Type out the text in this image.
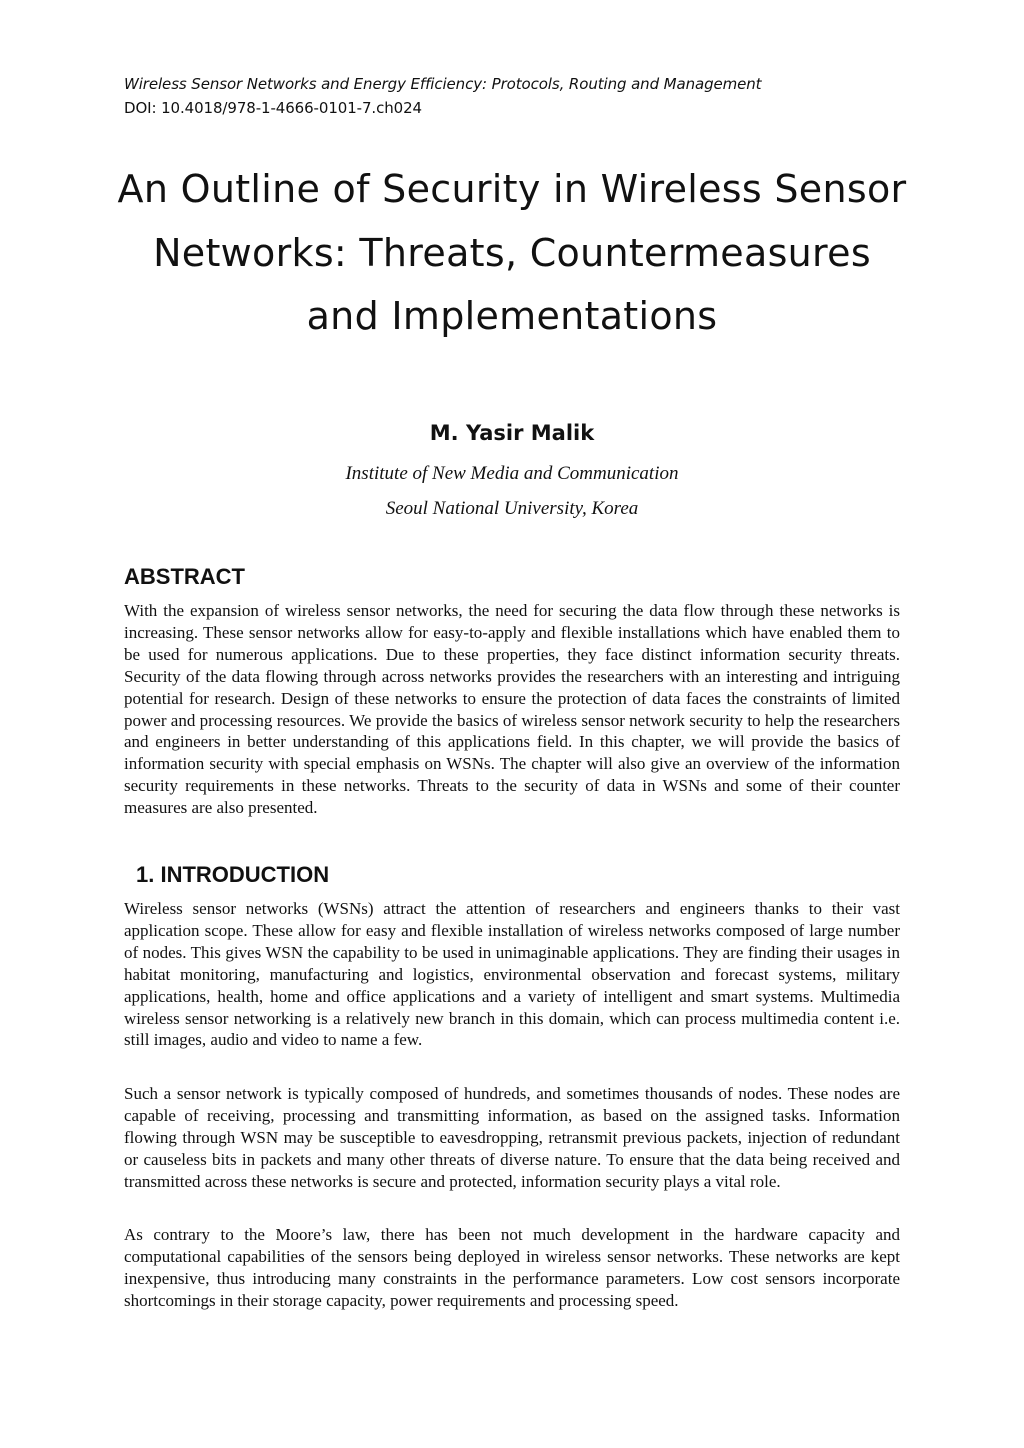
Wireless Sensor Networks and Energy Efficiency: Protocols, Routing and Management
DOI: 10.4018/978-1-4666-0101-7.ch024
An Outline of Security in Wireless Sensor Networks: Threats, Countermeasures and Implementations
M. Yasir Malik
Institute of New Media and Communication
Seoul National University, Korea
ABSTRACT

With the expansion of wireless sensor networks, the need for securing the data flow through these networks is increasing. These sensor networks allow for easy-to-apply and flexible installations which have enabled them to be used for numerous applications. Due to these properties, they face distinct information security threats. Security of the data flowing through across networks provides the researchers with an interesting and intriguing potential for research. Design of these networks to ensure the protection of data faces the constraints of limited power and processing resources. We provide the basics of wireless sensor network security to help the researchers and engineers in better understanding of this applications field. In this chapter, we will provide the basics of information security with special emphasis on WSNs. The chapter will also give an overview of the information security requirements in these networks. Threats to the security of data in WSNs and some of their counter measures are also presented.

1. INTRODUCTION

Wireless sensor networks (WSNs) attract the attention of researchers and engineers thanks to their vast application scope. These allow for easy and flexible installation of wireless networks composed of large number of nodes. This gives WSN the capability to be used in unimaginable applications. They are finding their usages in habitat monitoring, manufacturing and logistics, environmental observation and forecast systems, military applications, health, home and office applications and a variety of intelligent and smart systems. Multimedia wireless sensor networking is a relatively new branch in this domain, which can process multimedia content i.e. still images, audio and video to name a few.

Such a sensor network is typically composed of hundreds, and sometimes thousands of nodes. These nodes are capable of receiving, processing and transmitting information, as based on the assigned tasks. Information flowing through WSN may be susceptible to eavesdropping, retransmit previous packets, injection of redundant or causeless bits in packets and many other threats of diverse nature. To ensure that the data being received and transmitted across these networks is secure and protected, information security plays a vital role.

As contrary to the Moore’s law, there has been not much development in the hardware capacity and computational capabilities of the sensors being deployed in wireless sensor networks. These networks are kept inexpensive, thus introducing many constraints in the performance parameters. Low cost sensors incorporate shortcomings in their storage capacity, power requirements and processing speed.
